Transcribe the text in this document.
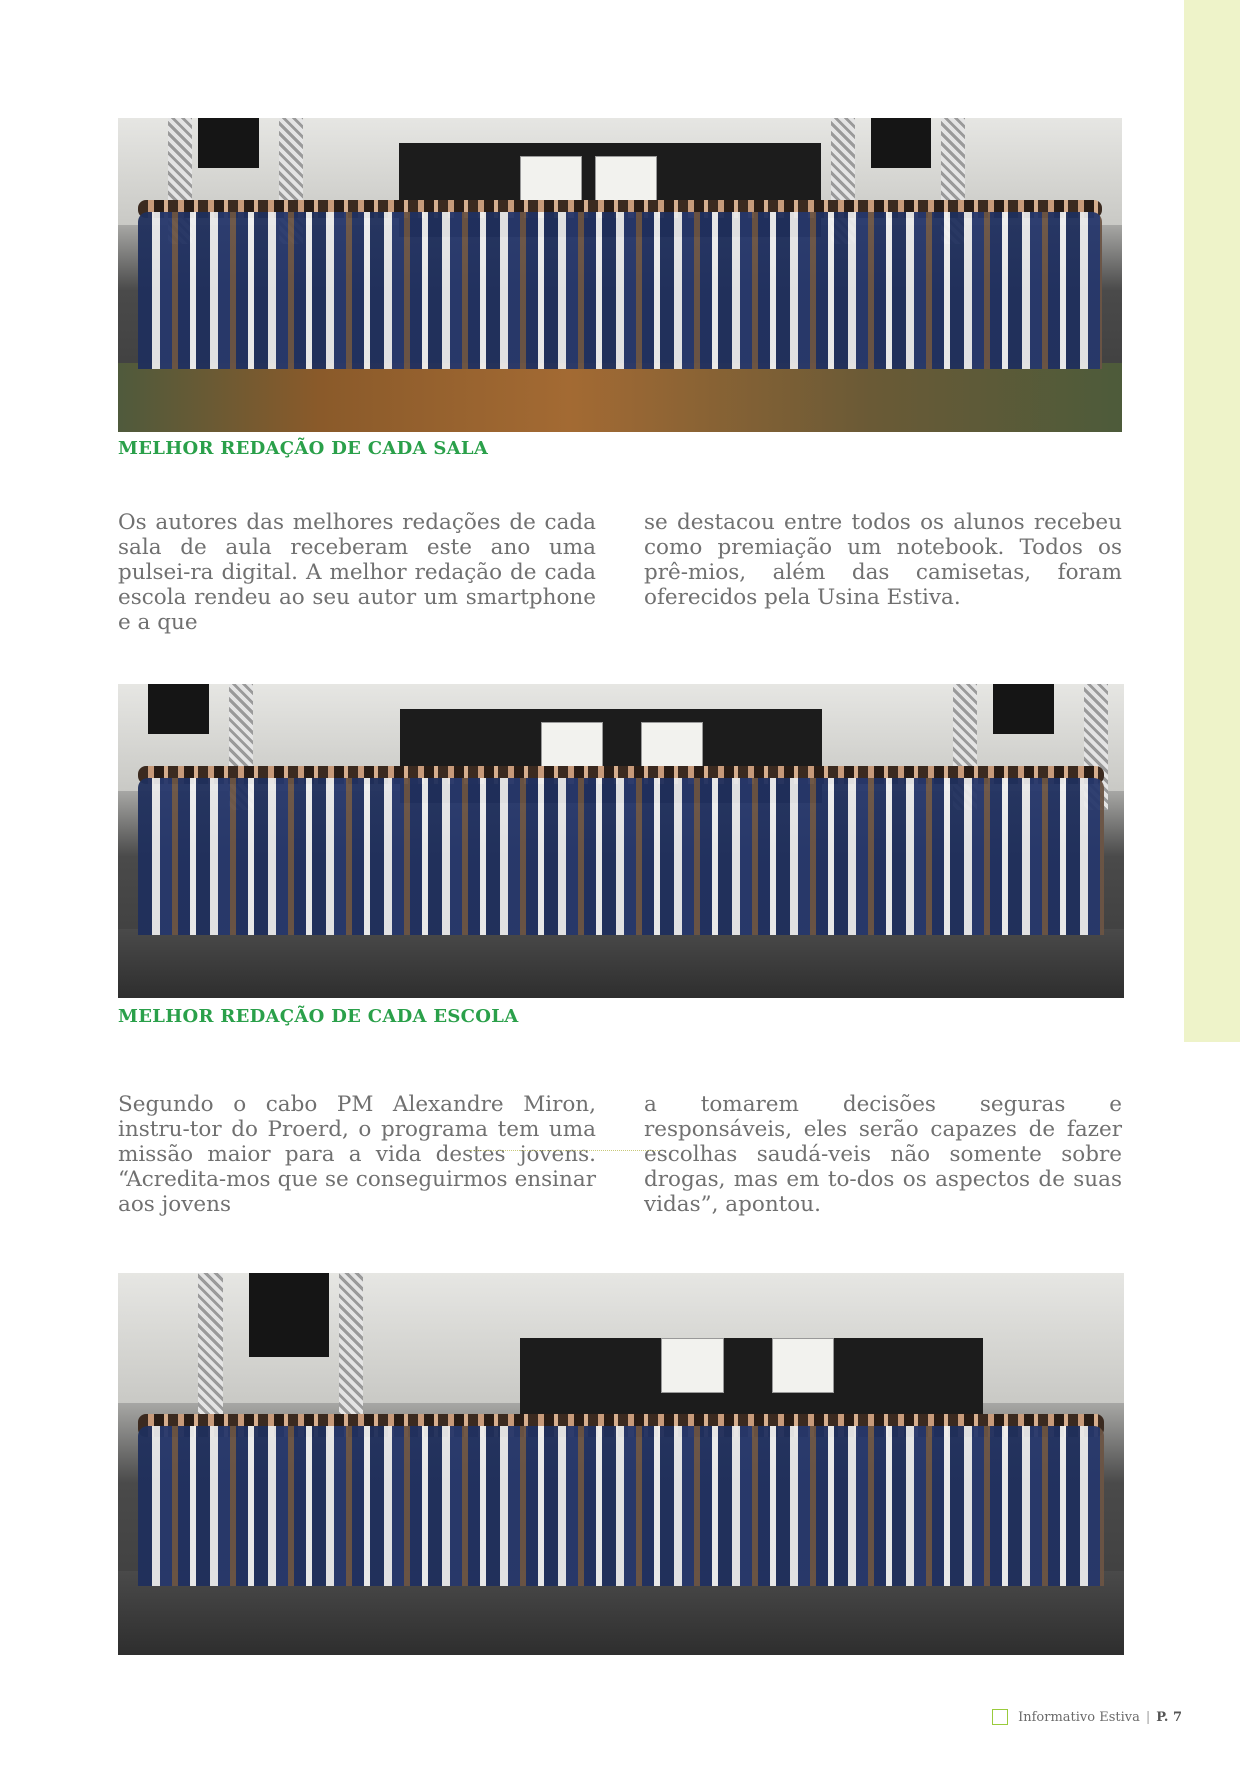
MELHOR REDAÇÃO DE CADA SALA
Os autores das melhores redações de cada sala de aula receberam este ano uma pulsei-ra digital. A melhor redação de cada escola rendeu ao seu autor um smartphone e a que
se destacou entre todos os alunos recebeu como premiação um notebook. Todos os prê-mios, além das camisetas, foram oferecidos pela Usina Estiva.
MELHOR REDAÇÃO DE CADA ESCOLA
Segundo o cabo PM Alexandre Miron, instru-tor do Proerd, o programa tem uma missão maior para a vida destes jovens. “Acredita-mos que se conseguirmos ensinar aos jovens
a tomarem decisões seguras e responsáveis, eles serão capazes de fazer escolhas saudá-veis não somente sobre drogas, mas em to-dos os aspectos de suas vidas”, apontou.
Informativo Estiva | P. 7
